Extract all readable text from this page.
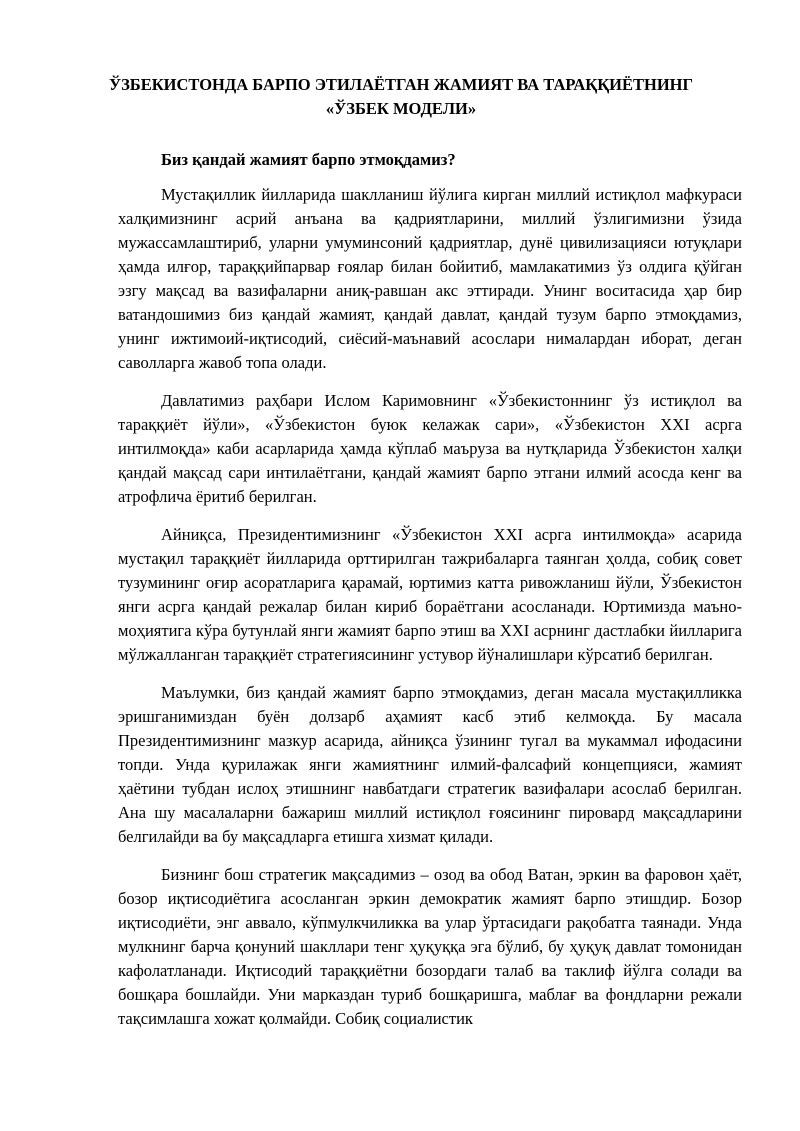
ЎЗБЕКИСТОНДА БАРПО ЭТИЛАЁТГАН ЖАМИЯТ ВА ТАРАҚҚИЁТНИНГ
«ЎЗБЕК МОДЕЛИ»

Биз қандай жамият барпо этмоқдамиз?

Мустақиллик йилларида шаклланиш йўлига кирган миллий истиқлол мафкураси халқимизнинг асрий анъана ва қадриятларини, миллий ўзлигимизни ўзида мужассамлаштириб, уларни умуминсоний қадриятлар, дунё цивилизацияси ютуқлари ҳамда илғор, тараққийпарвар ғоялар билан бойитиб, мамлакатимиз ўз олдига қўйган эзгу мақсад ва вазифаларни аниқ-равшан акс эттиради. Унинг воситасида ҳар бир ватандошимиз биз қандай жамият, қандай давлат, қандай тузум барпо этмоқдамиз, унинг ижтимоий-иқтисодий, сиёсий-маънавий асослари нималардан иборат, деган саволларга жавоб топа олади.

Давлатимиз раҳбари Ислом Каримовнинг «Ўзбекистоннинг ўз истиқлол ва тараққиёт йўли», «Ўзбекистон буюк келажак сари», «Ўзбекистон XXI асрга интилмоқда» каби асарларида ҳамда кўплаб маъруза ва нутқларида Ўзбекистон халқи қандай мақсад сари интилаётгани, қандай жамият барпо этгани илмий асосда кенг ва атрофлича ёритиб берилган.

Айниқса, Президентимизнинг «Ўзбекистон XXI асрга интилмоқда» асарида мустақил тараққиёт йилларида орттирилган тажрибаларга таянган ҳолда, собиқ совет тузумининг оғир асоратларига қарамай, юртимиз катта ривожланиш йўли, Ўзбекистон янги асрга қандай режалар билан кириб бораётгани асосланади. Юртимизда маъно-моҳиятига кўра бутунлай янги жамият барпо этиш ва XXI асрнинг дастлабки йилларига мўлжалланган тараққиёт стратегиясининг устувор йўналишлари кўрсатиб берилган.

Маълумки, биз қандай жамият барпо этмоқдамиз, деган масала мустақилликка эришганимиздан буён долзарб аҳамият касб этиб келмоқда. Бу масала Президентимизнинг мазкур асарида, айниқса ўзининг тугал ва мукаммал ифодасини топди. Унда қурилажак янги жамиятнинг илмий-фалсафий концепцияси, жамият ҳаётини тубдан ислоҳ этишнинг навбатдаги стратегик вазифалари асослаб берилган. Ана шу масалаларни бажариш миллий истиқлол ғоясининг пировард мақсадларини белгилайди ва бу мақсадларга етишга хизмат қилади.

Бизнинг бош стратегик мақсадимиз – озод ва обод Ватан, эркин ва фаровон ҳаёт, бозор иқтисодиётига асосланган эркин демократик жамият барпо этишдир. Бозор иқтисодиёти, энг аввало, кўпмулкчиликка ва улар ўртасидаги рақобатга таянади. Унда мулкнинг барча қонуний шакллари тенг ҳуқуққа эга бўлиб, бу ҳуқуқ давлат томонидан кафолатланади. Иқтисодий тараққиётни бозордаги талаб ва таклиф йўлга солади ва бошқара бошлайди. Уни марказдан туриб бошқаришга, маблағ ва фондларни режали тақсимлашга хожат қолмайди. Собиқ социалистик
